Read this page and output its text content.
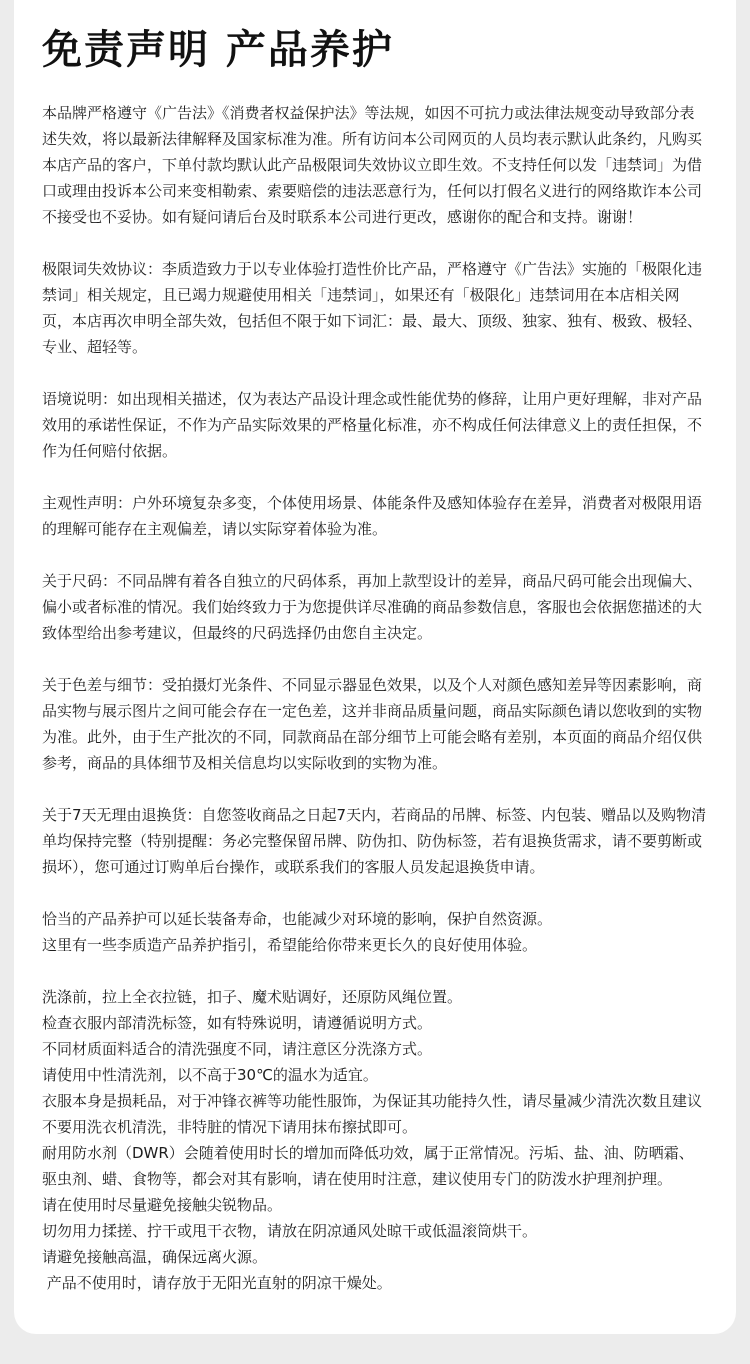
免责声明 产品养护

本品牌严格遵守《广告法》《消费者权益保护法》等法规，如因不可抗力或法律法规变动导致部分表述失效，将以最新法律解释及国家标准为准。所有访问本公司网页的人员均表示默认此条约，凡购买本店产品的客户，下单付款均默认此产品极限词失效协议立即生效。不支持任何以发「违禁词」为借口或理由投诉本公司来变相勒索、索要赔偿的违法恶意行为，任何以打假名义进行的网络欺诈本公司不接受也不妥协。如有疑问请后台及时联系本公司进行更改，感谢你的配合和支持。谢谢！

极限词失效协议：李质造致力于以专业体验打造性价比产品，严格遵守《广告法》实施的「极限化违禁词」相关规定，且已竭力规避使用相关「违禁词」，如果还有「极限化」违禁词用在本店相关网页，本店再次申明全部失效，包括但不限于如下词汇：最、最大、顶级、独家、独有、极致、极轻、专业、超轻等。

语境说明：如出现相关描述，仅为表达产品设计理念或性能优势的修辞，让用户更好理解，非对产品效用的承诺性保证，不作为产品实际效果的严格量化标准，亦不构成任何法律意义上的责任担保，不作为任何赔付依据。

主观性声明：户外环境复杂多变，个体使用场景、体能条件及感知体验存在差异，消费者对极限用语的理解可能存在主观偏差，请以实际穿着体验为准。

关于尺码：不同品牌有着各自独立的尺码体系，再加上款型设计的差异，商品尺码可能会出现偏大、偏小或者标准的情况。我们始终致力于为您提供详尽准确的商品参数信息，客服也会依据您描述的大致体型给出参考建议，但最终的尺码选择仍由您自主决定。

关于色差与细节：受拍摄灯光条件、不同显示器显色效果，以及个人对颜色感知差异等因素影响，商品实物与展示图片之间可能会存在一定色差，这并非商品质量问题，商品实际颜色请以您收到的实物为准。此外，由于生产批次的不同，同款商品在部分细节上可能会略有差别，本页面的商品介绍仅供参考，商品的具体细节及相关信息均以实际收到的实物为准。

关于7天无理由退换货：自您签收商品之日起7天内，若商品的吊牌、标签、内包装、赠品以及购物清单均保持完整（特别提醒：务必完整保留吊牌、防伪扣、防伪标签，若有退换货需求，请不要剪断或损坏），您可通过订购单后台操作，或联系我们的客服人员发起退换货申请。

恰当的产品养护可以延长装备寿命，也能减少对环境的影响，保护自然资源。
这里有一些李质造产品养护指引，希望能给你带来更长久的良好使用体验。
洗涤前，拉上全衣拉链，扣子、魔术贴调好，还原防风绳位置。
检查衣服内部清洗标签，如有特殊说明，请遵循说明方式。
不同材质面料适合的清洗强度不同，请注意区分洗涤方式。
请使用中性清洗剂，以不高于30℃的温水为适宜。
衣服本身是损耗品，对于冲锋衣裤等功能性服饰，为保证其功能持久性，请尽量减少清洗次数且建议不要用洗衣机清洗，非特脏的情况下请用抹布擦拭即可。
耐用防水剂（DWR）会随着使用时长的增加而降低功效，属于正常情况。污垢、盐、油、防晒霜、驱虫剂、蜡、食物等，都会对其有影响，请在使用时注意，建议使用专门的防泼水护理剂护理。
请在使用时尽量避免接触尖锐物品。
切勿用力揉搓、拧干或甩干衣物，请放在阴凉通风处晾干或低温滚筒烘干。
请避免接触高温，确保远离火源。
产品不使用时，请存放于无阳光直射的阴凉干燥处。
